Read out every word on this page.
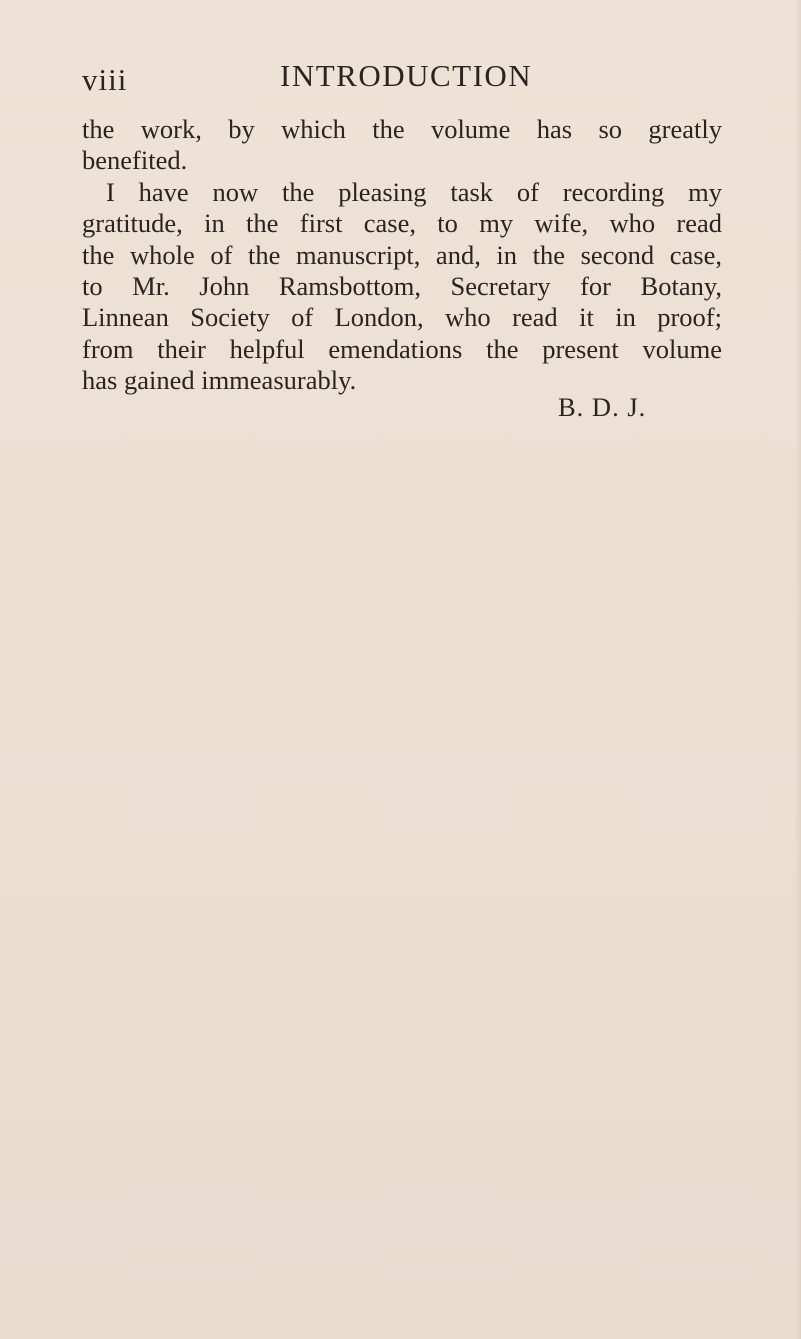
viii	INTRODUCTION
the work, by which the volume has so greatly
benefited.
I have now the pleasing task of recording my
gratitude, in the first case, to my wife, who read
the whole of the manuscript, and, in the second case,
to Mr. John Ramsbottom, Secretary for Botany,
Linnean Society of London, who read it in proof;
from their helpful emendations the present volume
has gained immeasurably.
B. D. J.
